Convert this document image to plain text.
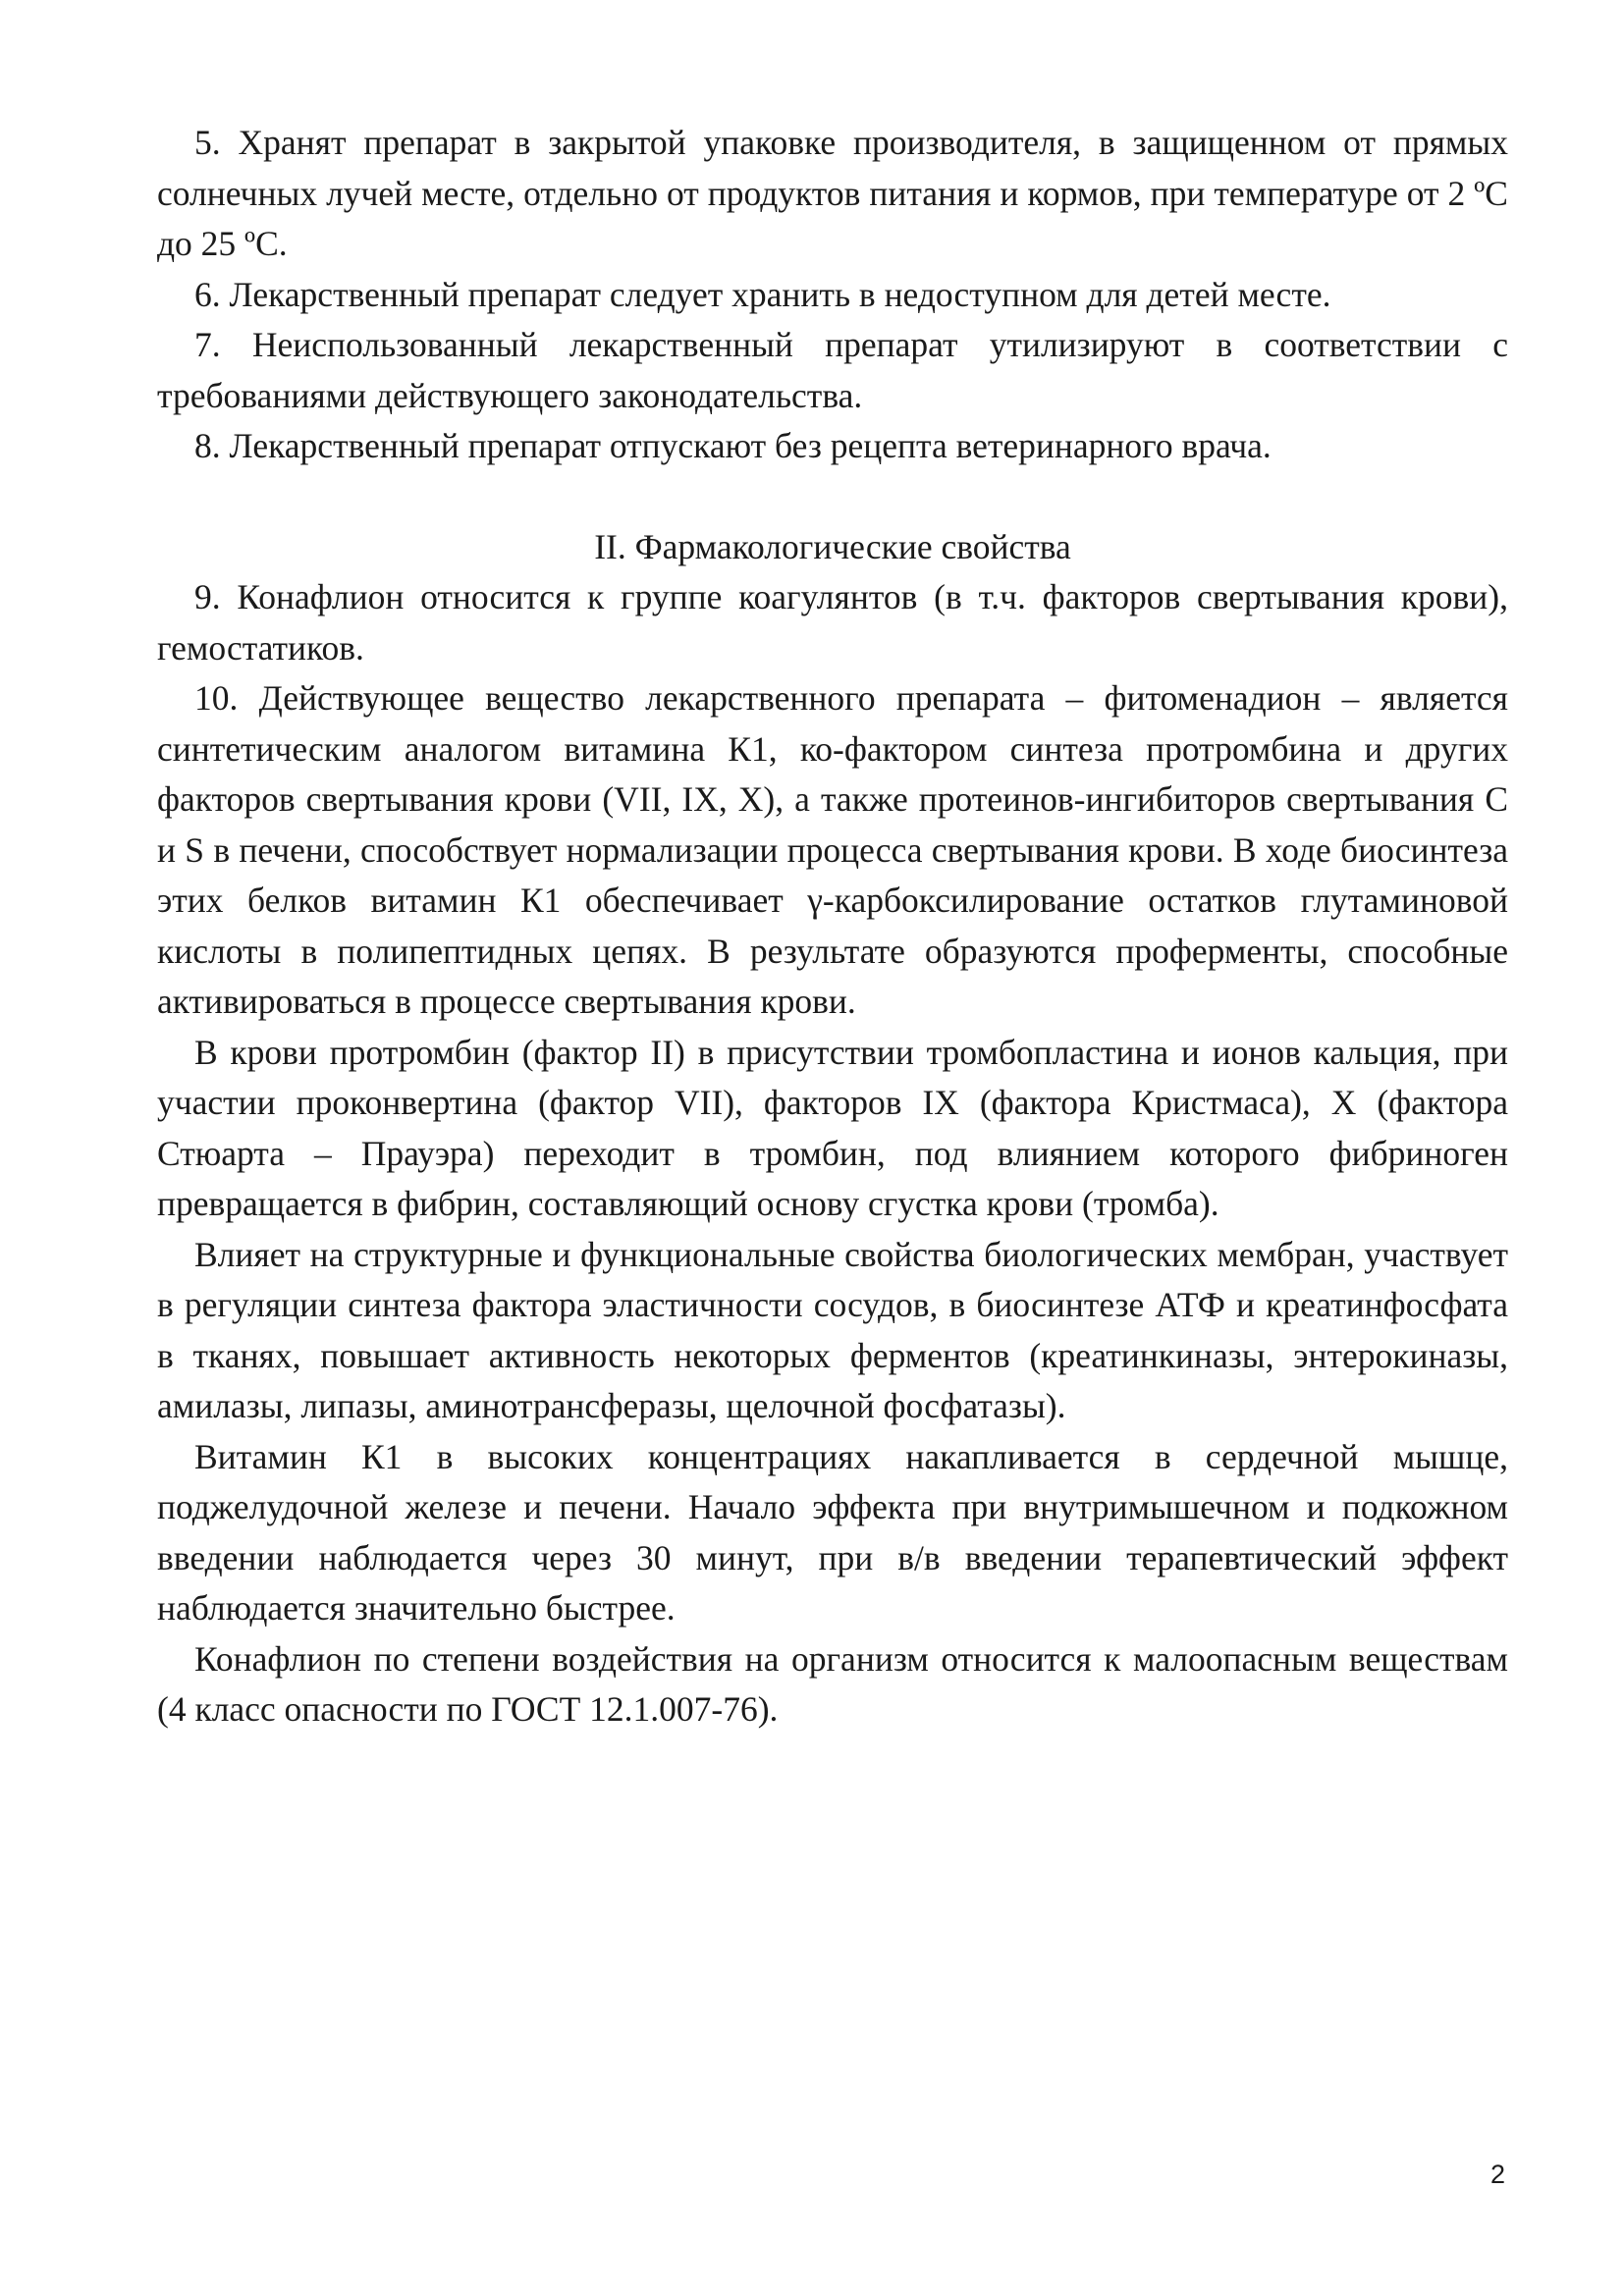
5. Хранят препарат в закрытой упаковке производителя, в защищенном от прямых солнечных лучей месте, отдельно от продуктов питания и кормов, при температуре от 2 ºС до 25 ºС.

6. Лекарственный препарат следует хранить в недоступном для детей месте.

7. Неиспользованный лекарственный препарат утилизируют в соответствии с требованиями действующего законодательства.

8. Лекарственный препарат отпускают без рецепта ветеринарного врача.

II. Фармакологические свойства

9. Конафлион относится к группе коагулянтов (в т.ч. факторов свертывания крови), гемостатиков.

10. Действующее вещество лекарственного препарата – фитоменадион – является синтетическим аналогом витамина К1, ко-фактором синтеза протромбина и других факторов свертывания крови (VII, IX, X), а также протеинов-ингибиторов свертывания С и S в печени, способствует нормализации процесса свертывания крови. В ходе биосинтеза этих белков витамин К1 обеспечивает γ-карбоксилирование остатков глутаминовой кислоты в полипептидных цепях. В результате образуются проферменты, способные активироваться в процессе свертывания крови.

В крови протромбин (фактор II) в присутствии тромбопластина и ионов кальция, при участии проконвертина (фактор VII), факторов IX (фактора Кристмаса), X (фактора Стюарта – Прауэра) переходит в тромбин, под влиянием которого фибриноген превращается в фибрин, составляющий основу сгустка крови (тромба).

Влияет на структурные и функциональные свойства биологических мембран, участвует в регуляции синтеза фактора эластичности сосудов, в биосинтезе АТФ и креатинфосфата в тканях, повышает активность некоторых ферментов (креатинкиназы, энтерокиназы, амилазы, липазы, аминотрансферазы, щелочной фосфатазы).

Витамин К1 в высоких концентрациях накапливается в сердечной мышце, поджелудочной железе и печени. Начало эффекта при внутримышечном и подкожном введении наблюдается через 30 минут, при в/в введении терапевтический эффект наблюдается значительно быстрее.

Конафлион по степени воздействия на организм относится к малоопасным веществам (4 класс опасности по ГОСТ 12.1.007-76).

2
